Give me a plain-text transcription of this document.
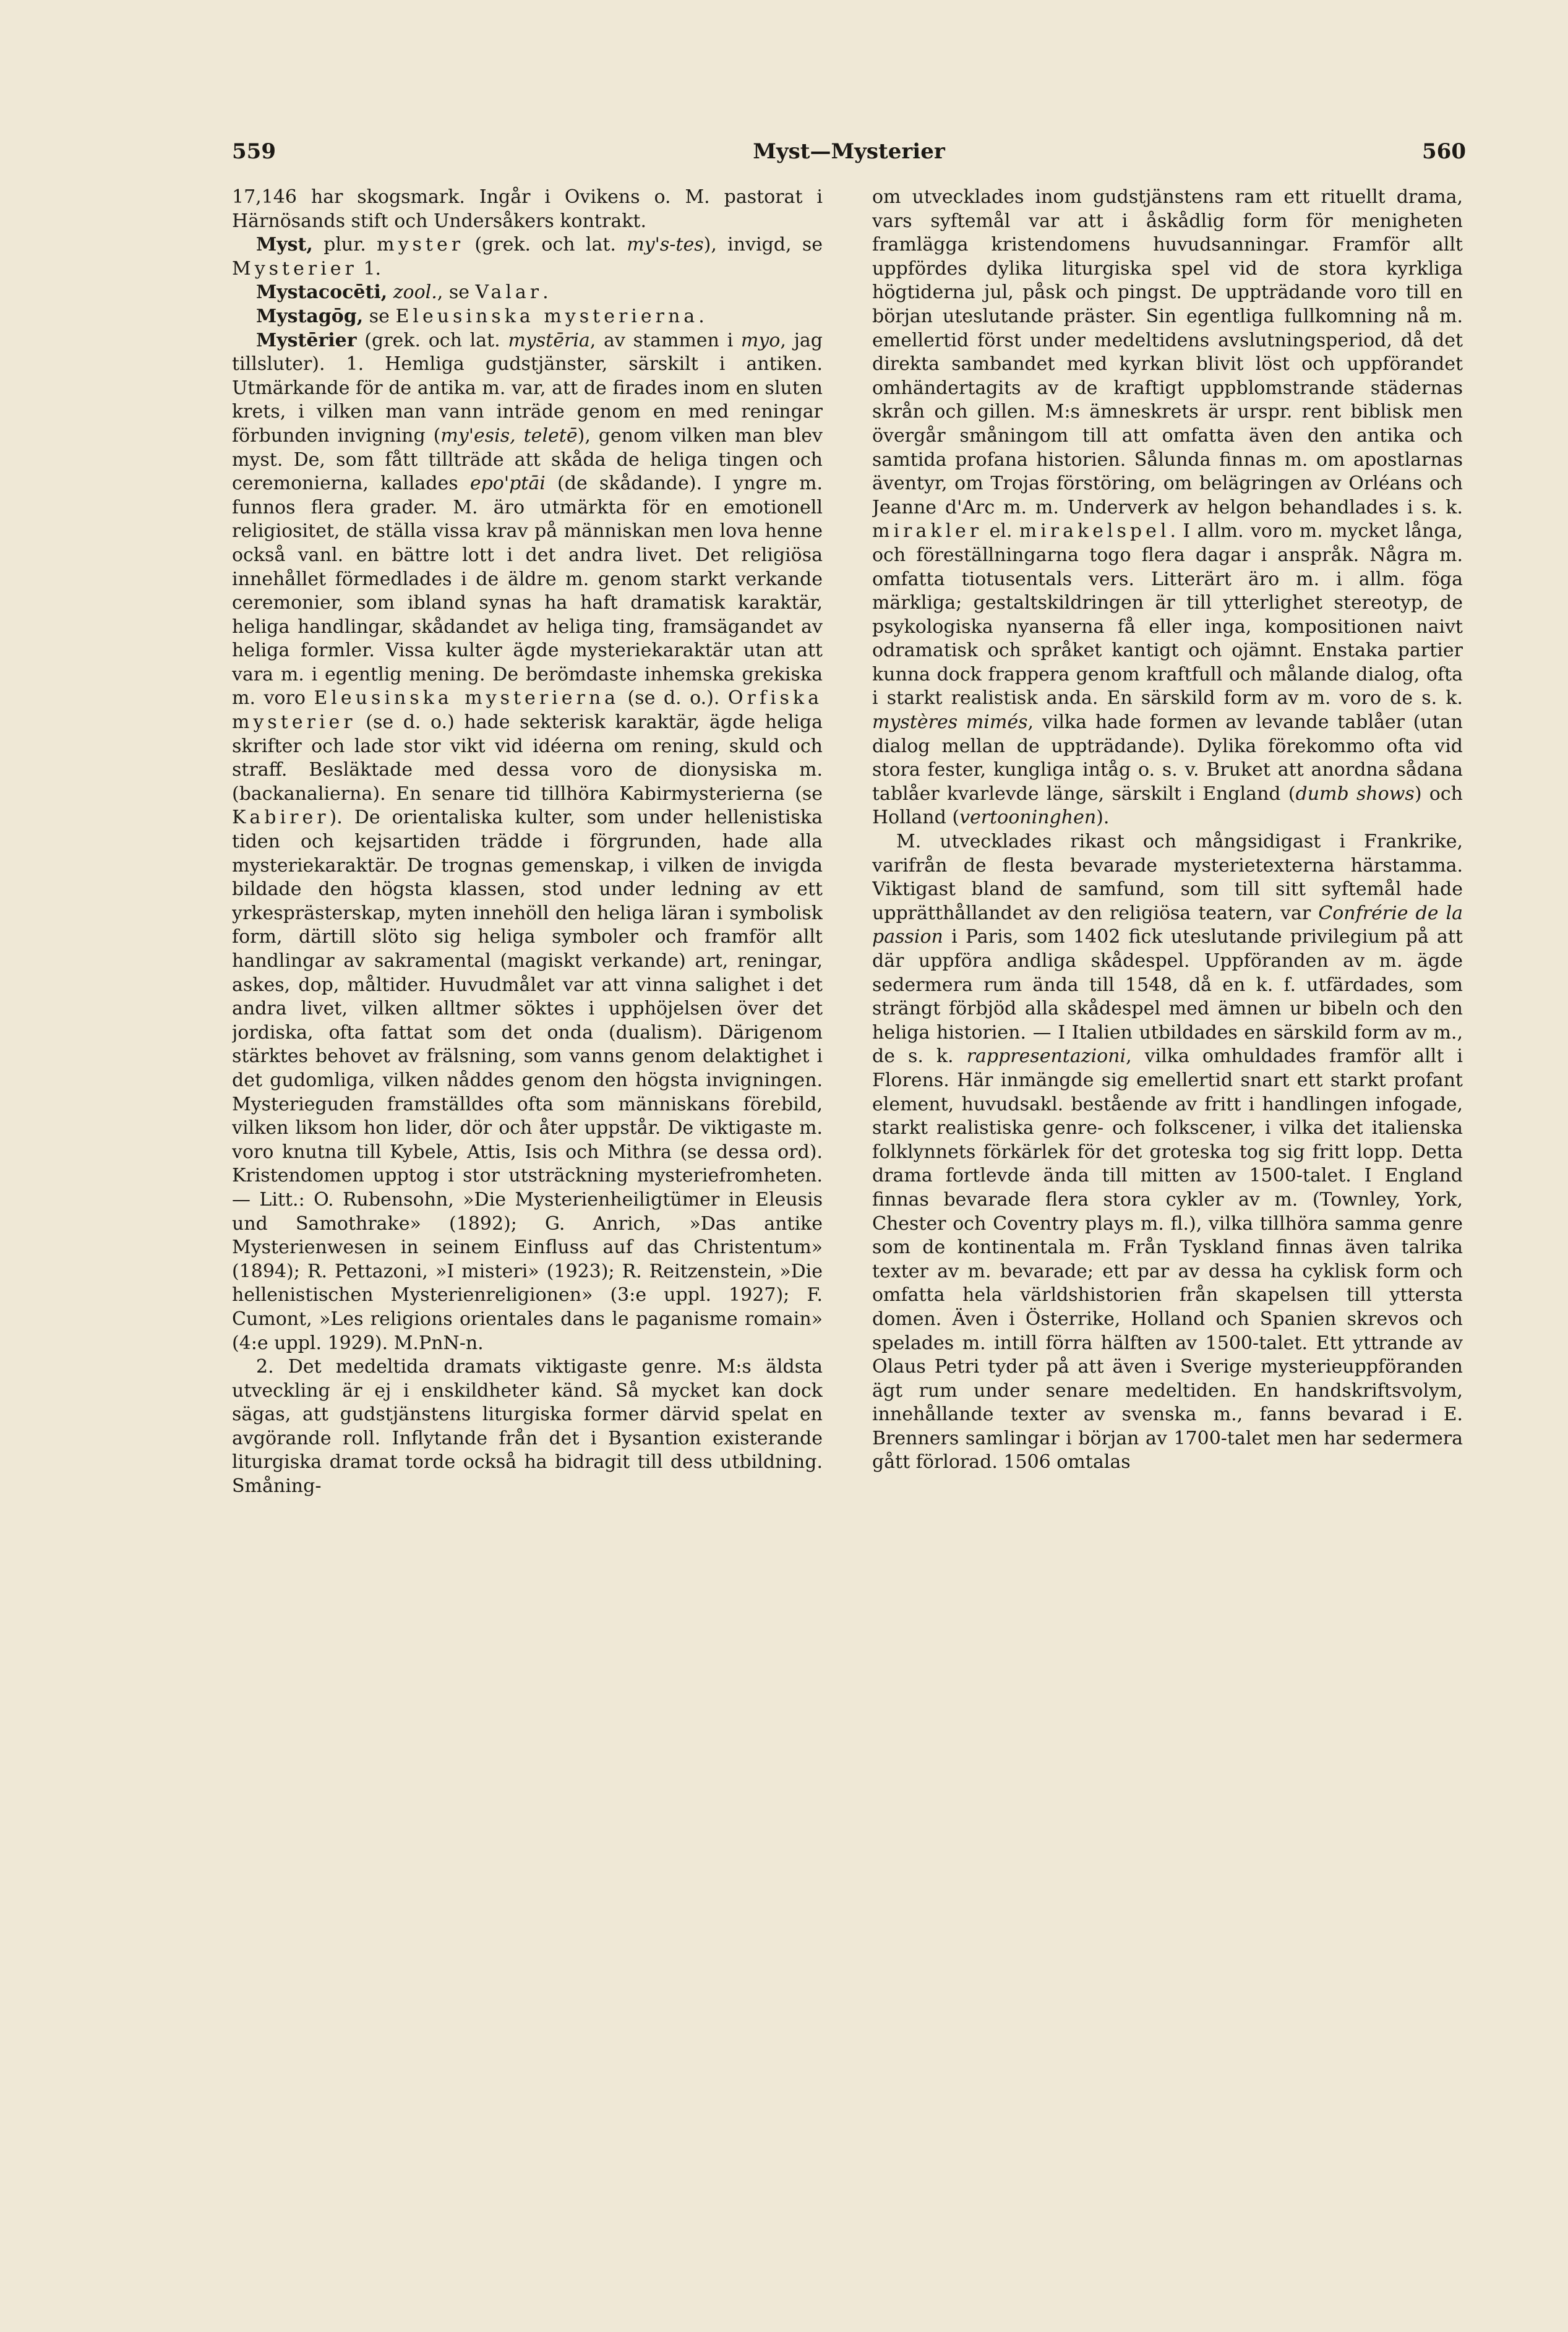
559	Myst—Mysterier	560

17,146 har skogsmark. Ingår i Ovikens o. M. pastorat i Härnösands stift och Undersåkers kontrakt.

Myst, plur. myster (grek. och lat. my's-tes), invigd, se Mysterier 1.

Mystacocēti, zool., se Valar.

Mystagōg, se Eleusinska mysterierna.

Mystērier (grek. och lat. mystēria, av stammen i myo, jag tillsluter). 1. Hemliga gudstjänster, särskilt i antiken. Utmärkande för de antika m. var, att de firades inom en sluten krets, i vilken man vann inträde genom en med reningar förbunden invigning (my'esis, teletē), genom vilken man blev myst. De, som fått tillträde att skåda de heliga tingen och ceremonierna, kallades epo'ptāi (de skådande). I yngre m. funnos flera grader. M. äro utmärkta för en emotionell religiositet, de ställa vissa krav på människan men lova henne också vanl. en bättre lott i det andra livet. Det religiösa innehållet förmedlades i de äldre m. genom starkt verkande ceremonier, som ibland synas ha haft dramatisk karaktär, heliga handlingar, skådandet av heliga ting, framsägandet av heliga formler. Vissa kulter ägde mysteriekaraktär utan att vara m. i egentlig mening. De berömdaste inhemska grekiska m. voro Eleusinska mysterierna (se d. o.). Orfiska mysterier (se d. o.) hade sekterisk karaktär, ägde heliga skrifter och lade stor vikt vid idéerna om rening, skuld och straff. Besläktade med dessa voro de dionysiska m. (backanalierna). En senare tid tillhöra Kabirmysterierna (se Kabirer). De orientaliska kulter, som under hellenistiska tiden och kejsartiden trädde i förgrunden, hade alla mysteriekaraktär. De trognas gemenskap, i vilken de invigda bildade den högsta klassen, stod under ledning av ett yrkesprästerskap, myten innehöll den heliga läran i symbolisk form, därtill slöto sig heliga symboler och framför allt handlingar av sakramental (magiskt verkande) art, reningar, askes, dop, måltider. Huvudmålet var att vinna salighet i det andra livet, vilken alltmer söktes i upphöjelsen över det jordiska, ofta fattat som det onda (dualism). Därigenom stärktes behovet av frälsning, som vanns genom delaktighet i det gudomliga, vilken nåddes genom den högsta invigningen. Mysterieguden framställdes ofta som människans förebild, vilken liksom hon lider, dör och åter uppstår. De viktigaste m. voro knutna till Kybele, Attis, Isis och Mithra (se dessa ord). Kristendomen upptog i stor utsträckning mysteriefromheten. — Litt.: O. Rubensohn, »Die Mysterienheiligtümer in Eleusis und Samothrake» (1892); G. Anrich, »Das antike Mysterienwesen in seinem Einfluss auf das Christentum» (1894); R. Pettazoni, »I misteri» (1923); R. Reitzenstein, »Die hellenistischen Mysterienreligionen» (3:e uppl. 1927); F. Cumont, »Les religions orientales dans le paganisme romain» (4:e uppl. 1929). M.PnN-n.

2. Det medeltida dramats viktigaste genre. M:s äldsta utveckling är ej i enskildheter känd. Så mycket kan dock sägas, att gudstjänstens liturgiska former därvid spelat en avgörande roll. Inflytande från det i Bysantion existerande liturgiska dramat torde också ha bidragit till dess utbildning. Småning-

om utvecklades inom gudstjänstens ram ett rituellt drama, vars syftemål var att i åskådlig form för menigheten framlägga kristendomens huvudsanningar. Framför allt uppfördes dylika liturgiska spel vid de stora kyrkliga högtiderna jul, påsk och pingst. De uppträdande voro till en början uteslutande präster. Sin egentliga fullkomning nå m. emellertid först under medeltidens avslutningsperiod, då det direkta sambandet med kyrkan blivit löst och uppförandet omhändertagits av de kraftigt uppblomstrande städernas skrån och gillen. M:s ämneskrets är urspr. rent biblisk men övergår småningom till att omfatta även den antika och samtida profana historien. Sålunda finnas m. om apostlarnas äventyr, om Trojas förstöring, om belägringen av Orléans och Jeanne d'Arc m. m. Underverk av helgon behandlades i s. k. mirakler el. mirakelspel. I allm. voro m. mycket långa, och föreställningarna togo flera dagar i anspråk. Några m. omfatta tiotusentals vers. Litterärt äro m. i allm. föga märkliga; gestaltskildringen är till ytterlighet stereotyp, de psykologiska nyanserna få eller inga, kompositionen naivt odramatisk och språket kantigt och ojämnt. Enstaka partier kunna dock frappera genom kraftfull och målande dialog, ofta i starkt realistisk anda. En särskild form av m. voro de s. k. mystères mimés, vilka hade formen av levande tablåer (utan dialog mellan de uppträdande). Dylika förekommo ofta vid stora fester, kungliga intåg o. s. v. Bruket att anordna sådana tablåer kvarlevde länge, särskilt i England (dumb shows) och Holland (vertooninghen).

M. utvecklades rikast och mångsidigast i Frankrike, varifrån de flesta bevarade mysterietexterna härstamma. Viktigast bland de samfund, som till sitt syftemål hade upprätthållandet av den religiösa teatern, var Confrérie de la passion i Paris, som 1402 fick uteslutande privilegium på att där uppföra andliga skådespel. Uppföranden av m. ägde sedermera rum ända till 1548, då en k. f. utfärdades, som strängt förbjöd alla skådespel med ämnen ur bibeln och den heliga historien. — I Italien utbildades en särskild form av m., de s. k. rappresentazioni, vilka omhuldades framför allt i Florens. Här inmängde sig emellertid snart ett starkt profant element, huvudsakl. bestående av fritt i handlingen infogade, starkt realistiska genre- och folkscener, i vilka det italienska folklynnets förkärlek för det groteska tog sig fritt lopp. Detta drama fortlevde ända till mitten av 1500-talet. I England finnas bevarade flera stora cykler av m. (Townley, York, Chester och Coventry plays m. fl.), vilka tillhöra samma genre som de kontinentala m. Från Tyskland finnas även talrika texter av m. bevarade; ett par av dessa ha cyklisk form och omfatta hela världshistorien från skapelsen till yttersta domen. Även i Österrike, Holland och Spanien skrevos och spelades m. intill förra hälften av 1500-talet. Ett yttrande av Olaus Petri tyder på att även i Sverige mysterieuppföranden ägt rum under senare medeltiden. En handskriftsvolym, innehållande texter av svenska m., fanns bevarad i E. Brenners samlingar i början av 1700-talet men har sedermera gått förlorad. 1506 omtalas
